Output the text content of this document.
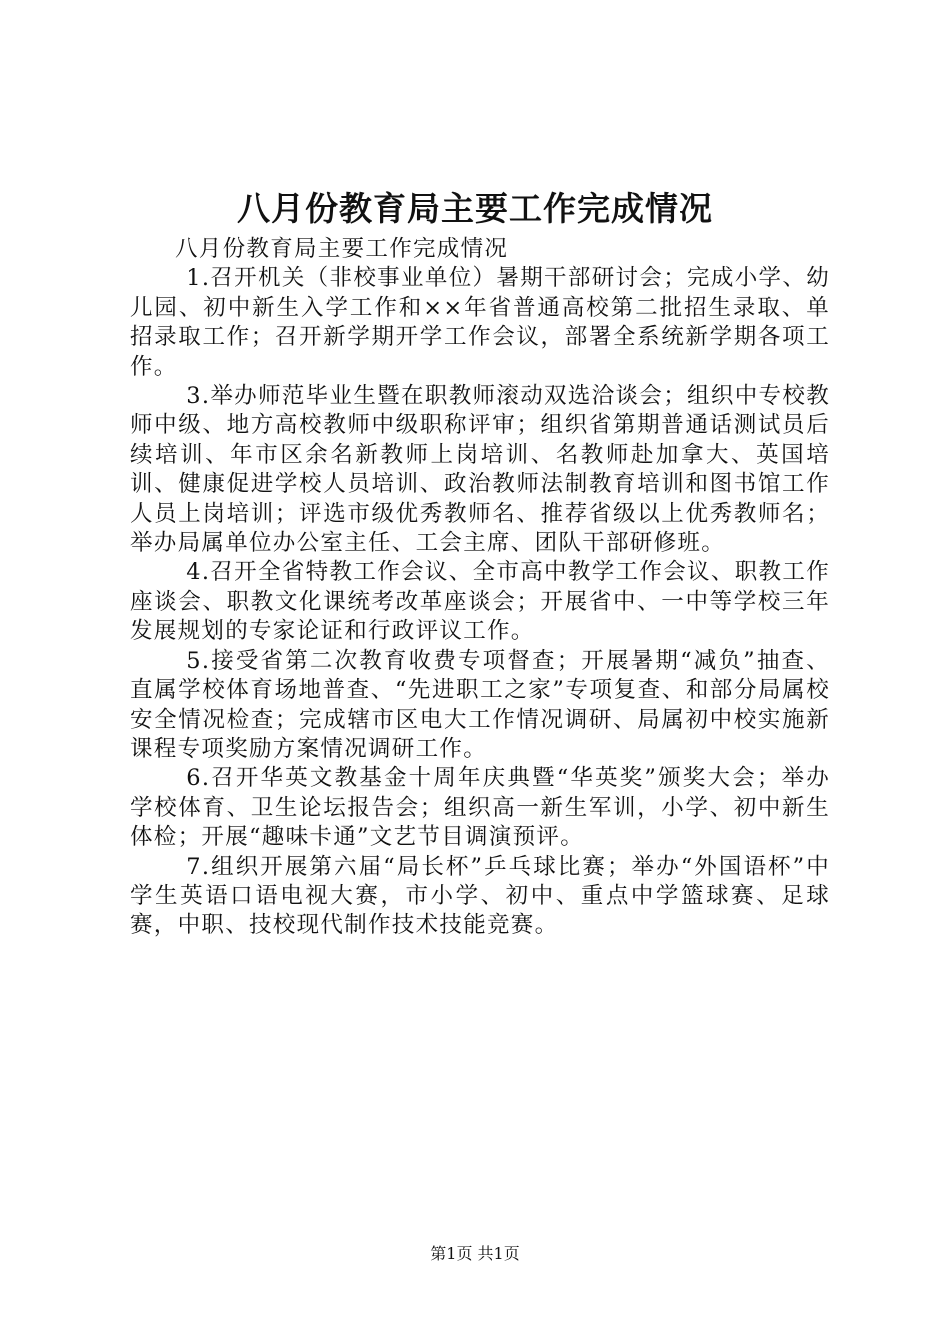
八月份教育局主要工作完成情况

八月份教育局主要工作完成情况

1.召开机关（非校事业单位）暑期干部研讨会；完成小学、幼儿园、初中新生入学工作和××年省普通高校第二批招生录取、单招录取工作；召开新学期开学工作会议，部署全系统新学期各项工作。

3.举办师范毕业生暨在职教师滚动双选洽谈会；组织中专校教师中级、地方高校教师中级职称评审；组织省第期普通话测试员后续培训、年市区余名新教师上岗培训、名教师赴加拿大、英国培训、健康促进学校人员培训、政治教师法制教育培训和图书馆工作人员上岗培训；评选市级优秀教师名、推荐省级以上优秀教师名；举办局属单位办公室主任、工会主席、团队干部研修班。

4.召开全省特教工作会议、全市高中教学工作会议、职教工作座谈会、职教文化课统考改革座谈会；开展省中、一中等学校三年发展规划的专家论证和行政评议工作。

5.接受省第二次教育收费专项督查；开展暑期“减负”抽查、直属学校体育场地普查、“先进职工之家”专项复查、和部分局属校安全情况检查；完成辖市区电大工作情况调研、局属初中校实施新课程专项奖励方案情况调研工作。

6.召开华英文教基金十周年庆典暨“华英奖”颁奖大会；举办学校体育、卫生论坛报告会；组织高一新生军训，小学、初中新生体检；开展“趣味卡通”文艺节目调演预评。

7.组织开展第六届“局长杯”乒乓球比赛；举办“外国语杯”中学生英语口语电视大赛，市小学、初中、重点中学篮球赛、足球赛，中职、技校现代制作技术技能竞赛。

第1页 共1页
